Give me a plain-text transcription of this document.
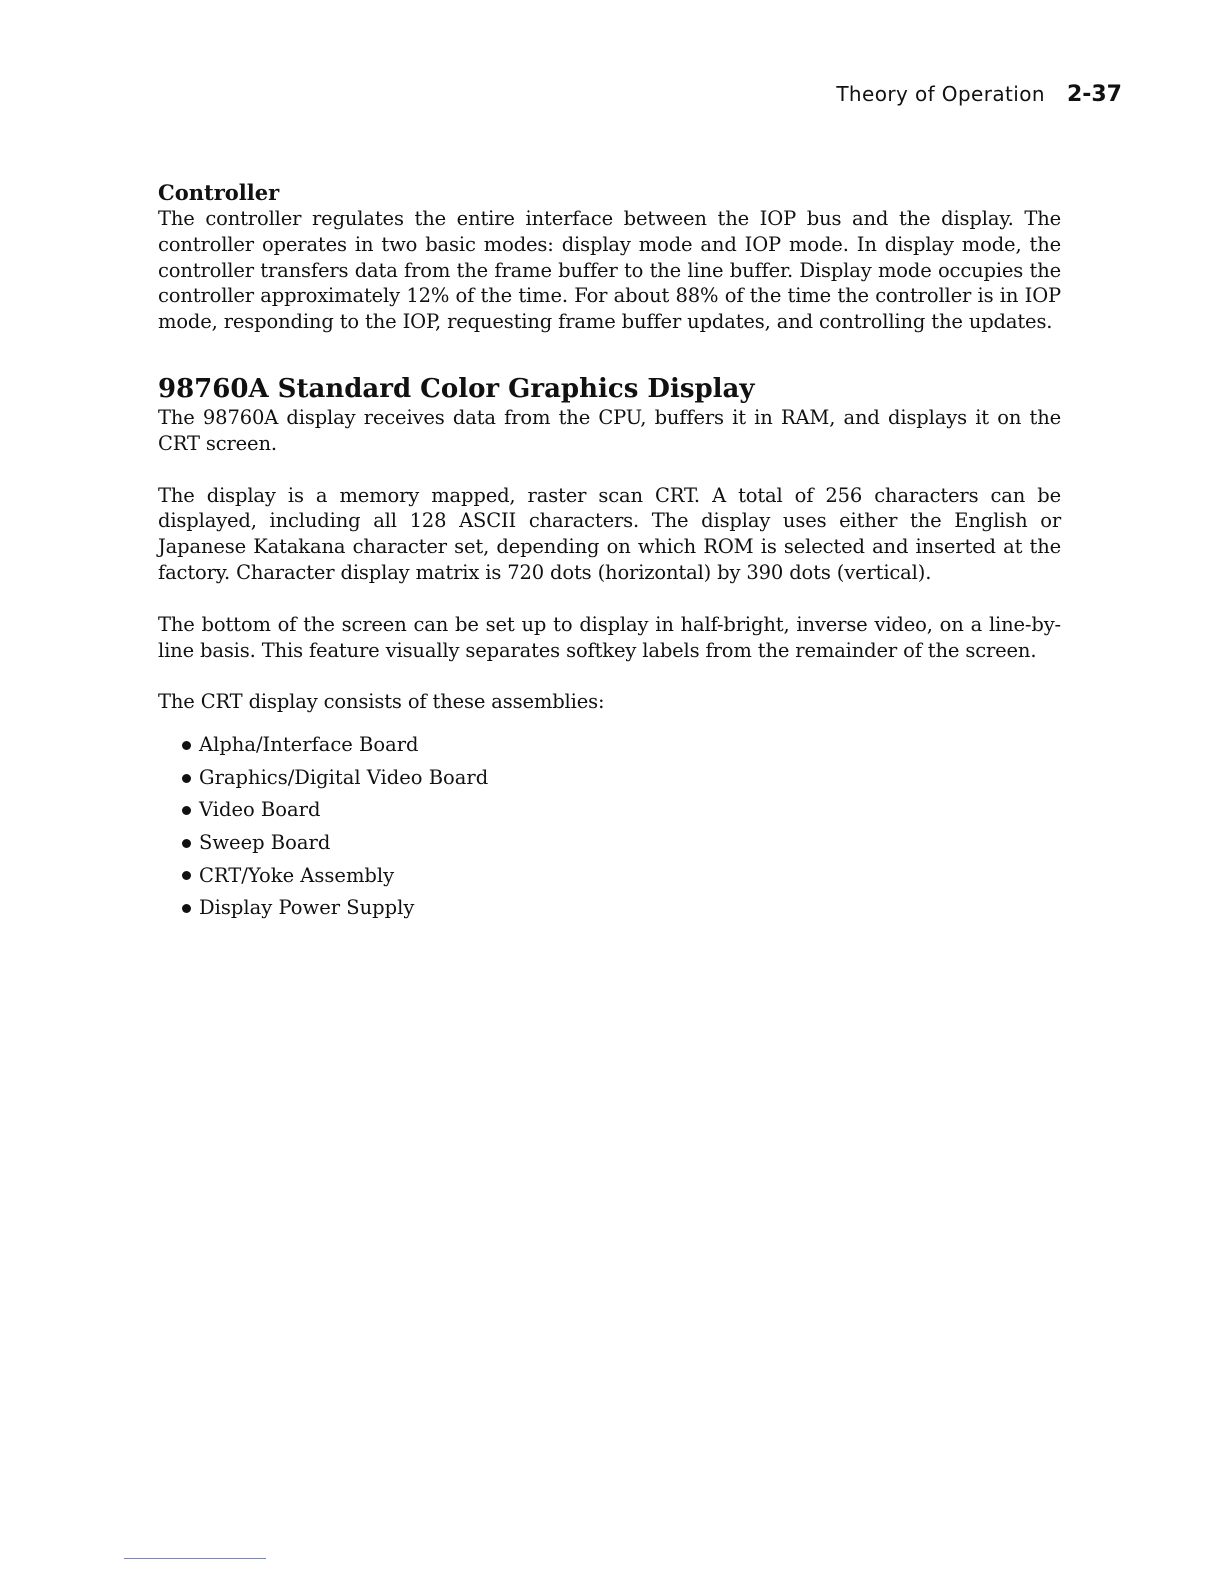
Theory of Operation 2-37
Controller

The controller regulates the entire interface between the IOP bus and the display. The controller operates in two basic modes: display mode and IOP mode. In display mode, the controller transfers data from the frame buffer to the line buffer. Display mode occupies the controller approximately 12% of the time. For about 88% of the time the controller is in IOP mode, responding to the IOP, requesting frame buffer updates, and controlling the updates.

98760A Standard Color Graphics Display

The 98760A display receives data from the CPU, buffers it in RAM, and displays it on the CRT screen.

The display is a memory mapped, raster scan CRT. A total of 256 characters can be displayed, including all 128 ASCII characters. The display uses either the English or Japanese Katakana character set, depending on which ROM is selected and inserted at the factory. Character display matrix is 720 dots (horizontal) by 390 dots (vertical).

The bottom of the screen can be set up to display in half-bright, inverse video, on a line-by-line basis. This feature visually separates softkey labels from the remainder of the screen.

The CRT display consists of these assemblies:

Alpha/Interface Board
Graphics/Digital Video Board
Video Board
Sweep Board
CRT/Yoke Assembly
Display Power Supply
